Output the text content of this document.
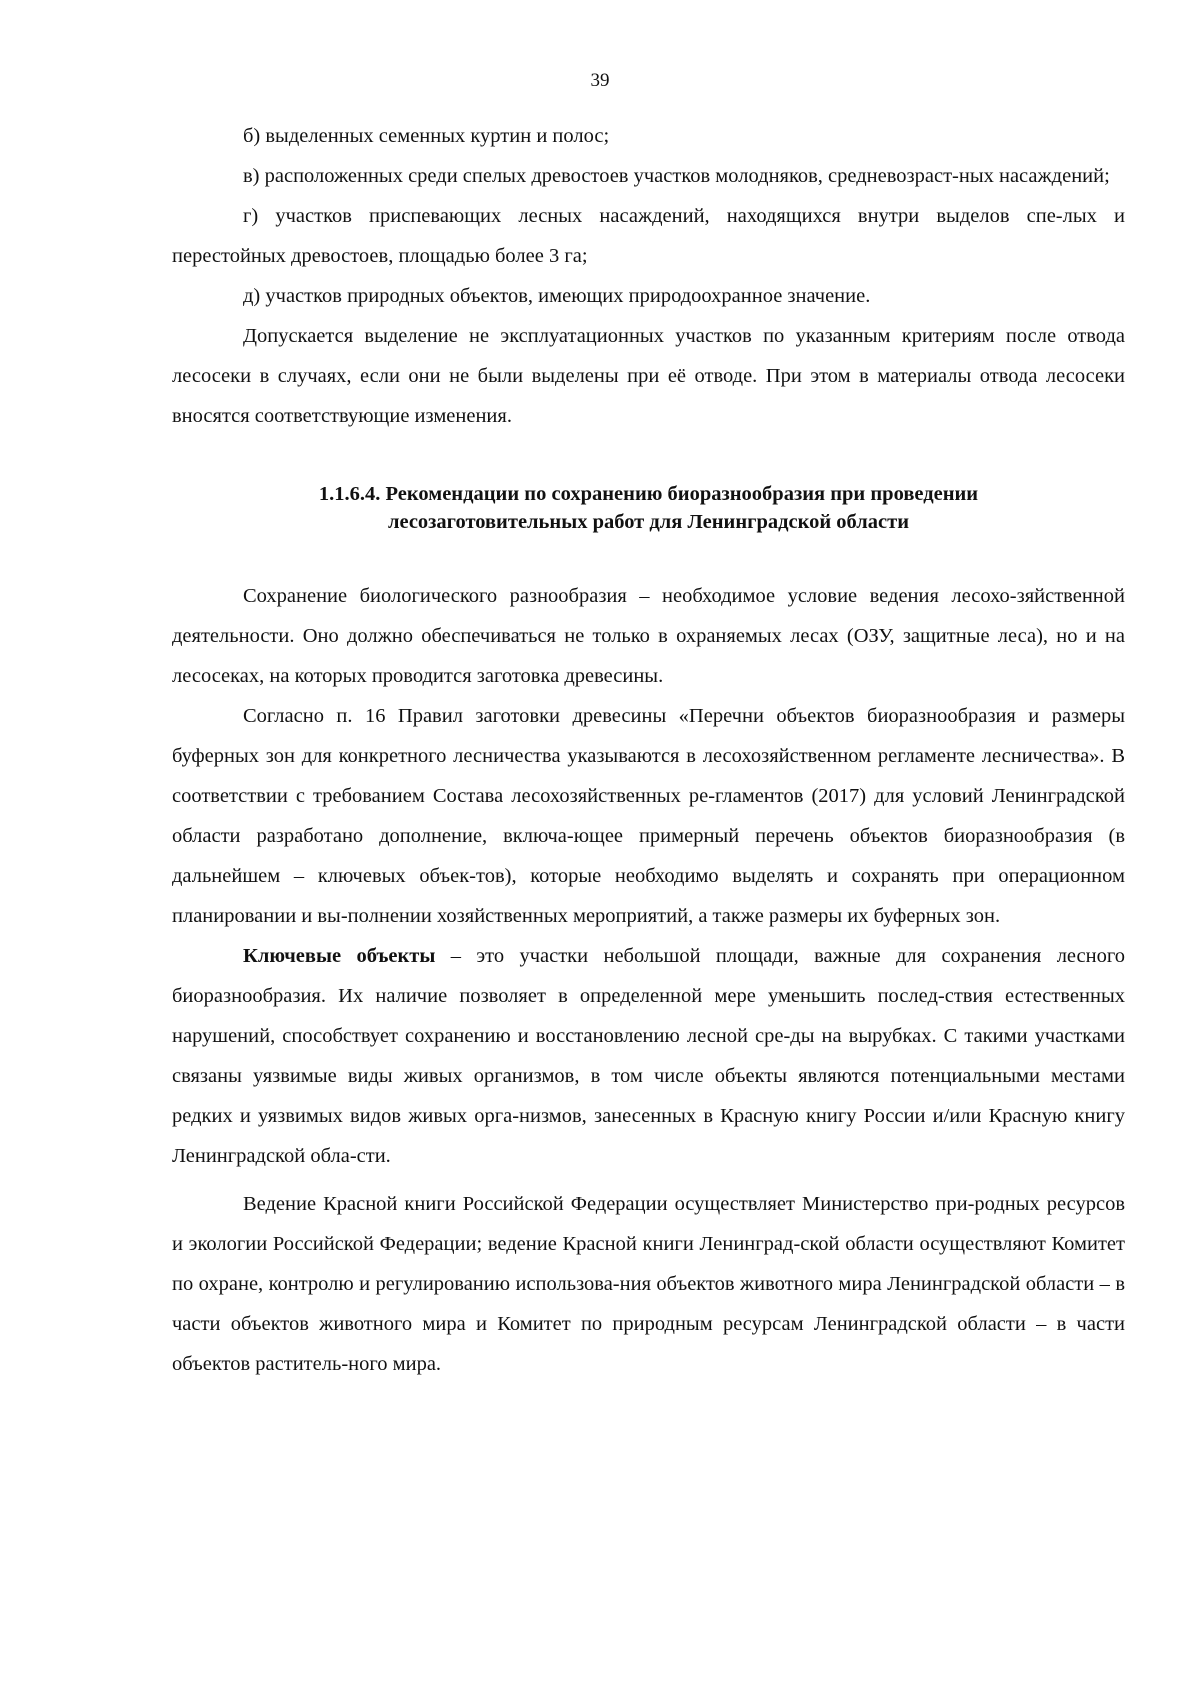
39

б) выделенных семенных куртин и полос;

в) расположенных среди спелых древостоев участков молодняков, средневозраст-ных насаждений;

г) участков приспевающих лесных насаждений, находящихся внутри выделов спе-лых и перестойных древостоев, площадью более 3 га;

д) участков природных объектов, имеющих природоохранное значение.

Допускается выделение не эксплуатационных участков по указанным критериям после отвода лесосеки в случаях, если они не были выделены при её отводе. При этом в материалы отвода лесосеки вносятся соответствующие изменения.

1.1.6.4. Рекомендации по сохранению биоразнообразия при проведении
лесозаготовительных работ для Ленинградской области

Сохранение биологического разнообразия – необходимое условие ведения лесохо-зяйственной деятельности. Оно должно обеспечиваться не только в охраняемых лесах (ОЗУ, защитные леса), но и на лесосеках, на которых проводится заготовка древесины.

Согласно п. 16 Правил заготовки древесины «Перечни объектов биоразнообразия и размеры буферных зон для конкретного лесничества указываются в лесохозяйственном регламенте лесничества». В соответствии с требованием Состава лесохозяйственных ре-гламентов (2017) для условий Ленинградской области разработано дополнение, включа-ющее примерный перечень объектов биоразнообразия (в дальнейшем – ключевых объек-тов), которые необходимо выделять и сохранять при операционном планировании и вы-полнении хозяйственных мероприятий, а также размеры их буферных зон.

Ключевые объекты – это участки небольшой площади, важные для сохранения лесного биоразнообразия. Их наличие позволяет в определенной мере уменьшить послед-ствия естественных нарушений, способствует сохранению и восстановлению лесной сре-ды на вырубках. С такими участками связаны уязвимые виды живых организмов, в том числе объекты являются потенциальными местами редких и уязвимых видов живых орга-низмов, занесенных в Красную книгу России и/или Красную книгу Ленинградской обла-сти.

Ведение Красной книги Российской Федерации осуществляет Министерство при-родных ресурсов и экологии Российской Федерации; ведение Красной книги Ленинград-ской области осуществляют Комитет по охране, контролю и регулированию использова-ния объектов животного мира Ленинградской области – в части объектов животного мира и Комитет по природным ресурсам Ленинградской области – в части объектов раститель-ного мира.
